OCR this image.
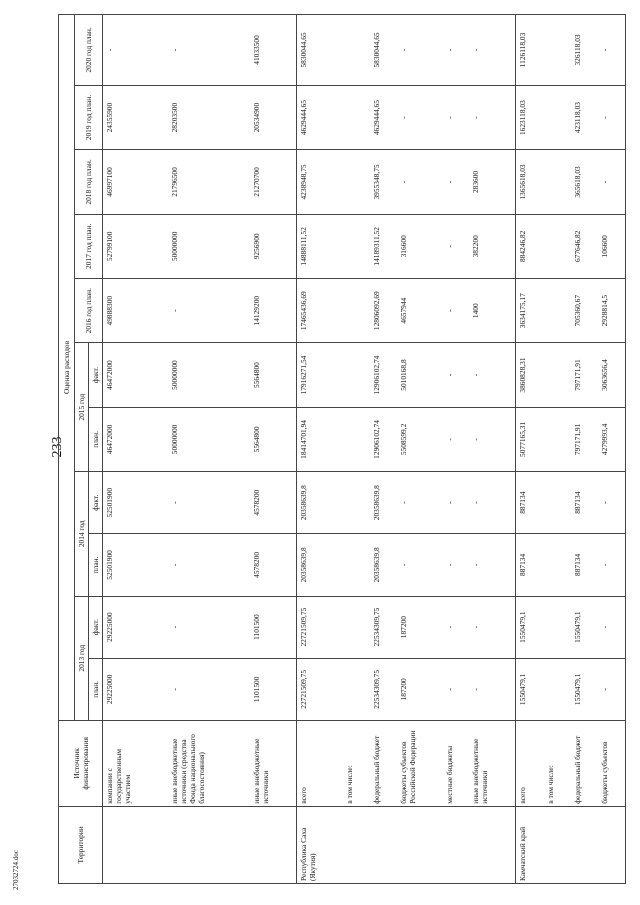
233
27032724.doc
Территории	Источник финансирования	Оценка расходов										
		2013 год		2014 год		2015 год		2016 год план.	2017 год план.	2018 год план.	2019 год план.	2020 год план.
		план.	факт.	план.	факт.	план.	факт.					
	компании с государственным участием	29225000	29225000	52501900	52501900	46472000	46472000	49888300	52799100	46997100	24355900	-
	иные внебюджетные источники (средства Фонда национального благосостояния)	-	-	-	-	50000000	50000000	-	50000000	21796500	28203500	-
	иные внебюджетные источники	1101500	1101500	4578200	4578200	5564800	5564800	14129200	9256900	21270700	20534900	41033500
Республика Саха (Якутия)	всего	22721509,75	22721509,75	20358639,8	20358639,8	18414701,94	17916271,54	17465436,69	14888111,52	4238948,75	4629444,65	5830044,65
	в том числе:											
	федеральный бюджет	22534309,75	22534309,75	20358639,8	20358639,8	12906102,74	12906102,74	12806092,69	14189311,52	3955348,75	4629444,65	5830044,65
	бюджеты субъектов Российской Федерации	187200	187200	-	-	5508599,2	5010168,8	4657944	316600	-	-	-
	местные бюджеты	-	-	-	-	-	-	-	-	-	-	-
	иные внебюджетные источники	-	-	-	-	-	-	1400	382200	283600	-	-
Камчатский край	всего	1550479,1	1550479,1	887134	887134	5077165,31	3860828,31	3634175,17	884246,82	1365618,03	1623118,03	1126118,03
	в том числе:											
	федеральный бюджет	1550479,1	1550479,1	887134	887134	797171,91	797171,91	705360,67	677646,82	365618,03	423118,03	326118,03
	бюджеты субъектов	-	-	-	-	4279993,4	3063656,4	2928814,5	106600	-	-	-
